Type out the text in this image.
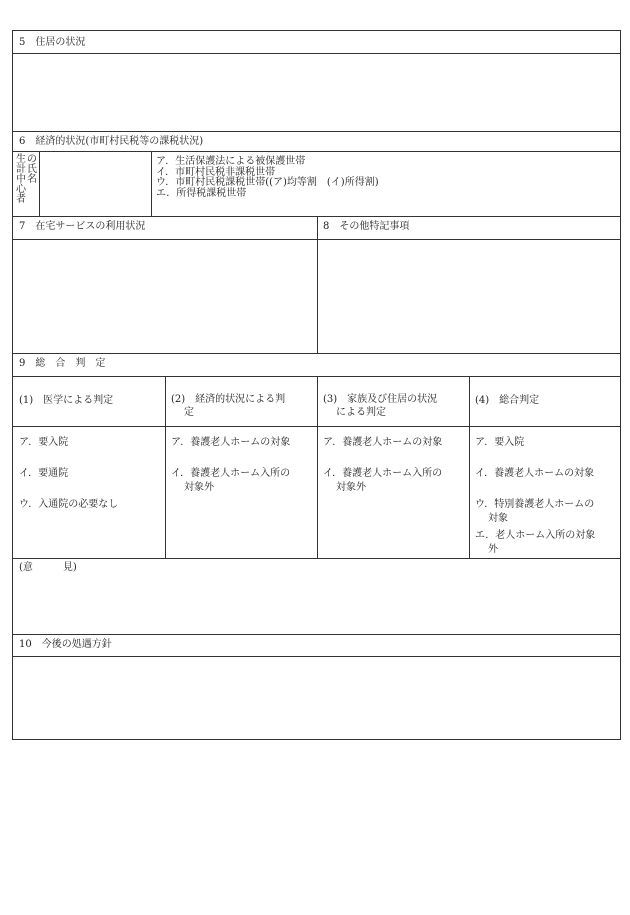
5　住居の状況
6　経済的状況(市町村民税等の課税状況)
生
計
中
心
者
の
氏
名
ア．生活保護法による被保護世帯
イ．市町村民税非課税世帯
ウ．市町村民税課税世帯((ア)均等割　(イ)所得割)
エ．所得税課税世帯
7　在宅サービスの利用状況	8　その他特記事項
9　総　合　判　定
(1)　医学による判定	(2)　経済的状況による判
定
(3)　家族及び住居の状況
による判定
(4)　総合判定
ア．要入院
イ．要通院
ウ．入通院の必要なし
ア．養護老人ホームの対象
イ．養護老人ホーム入所の
対象外
ア．養護老人ホームの対象
イ．養護老人ホーム入所の
対象外
ア．要入院
イ．養護老人ホームの対象
ウ．特別養護老人ホームの
対象
エ．老人ホーム入所の対象
外
(意　　　見)
10　今後の処遇方針
